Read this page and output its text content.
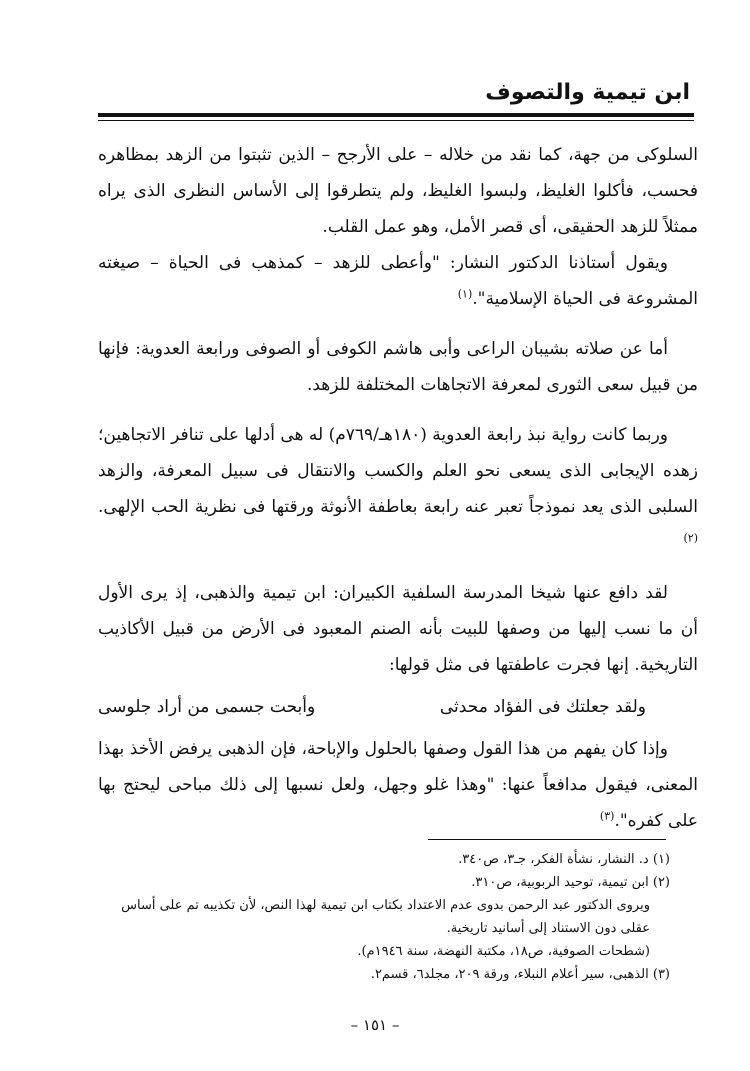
ابن تيمية والتصوف

السلوكى من جهة، كما نقد من خلاله – على الأرجح – الذين تثبتوا من الزهد بمظاهره فحسب، فأكلوا الغليظ، ولبسوا الغليظ، ولم يتطرقوا إلى الأساس النظرى الذى يراه ممثلاً للزهد الحقيقى، أى قصر الأمل، وهو عمل القلب.

ويقول أستاذنا الدكتور النشار: "وأعطى للزهد – كمذهب فى الحياة – صيغته المشروعة فى الحياة الإسلامية".$^{(١)}$

أما عن صلاته بشيبان الراعى وأبى هاشم الكوفى أو الصوفى ورابعة العدوية: فإنها من قبيل سعى الثورى لمعرفة الاتجاهات المختلفة للزهد.

وربما كانت رواية نبذ رابعة العدوية (١٨٠هـ/٧٦٩م) له هى أدلها على تنافر الاتجاهين؛ زهده الإيجابى الذى يسعى نحو العلم والكسب والانتقال فى سبيل المعرفة، والزهد السلبى الذى يعد نموذجاً تعبر عنه رابعة بعاطفة الأنوثة ورقتها فى نظرية الحب الإلهى.$^{(٢)}$

لقد دافع عنها شيخا المدرسة السلفية الكبيران: ابن تيمية والذهبى، إذ يرى الأول أن ما نسب إليها من وصفها للبيت بأنه الصنم المعبود فى الأرض من قبيل الأكاذيب التاريخية. إنها فجرت عاطفتها فى مثل قولها:

ولقد جعلتك فى الفؤاد محدثى
وأبحت جسمى من أراد جلوسى

وإذا كان يفهم من هذا القول وصفها بالحلول والإباحة، فإن الذهبى يرفض الأخذ بهذا المعنى، فيقول مدافعاً عنها: "وهذا غلو وجهل، ولعل نسبها إلى ذلك مباحى ليحتج بها على كفره".$^{(٣)}$

(١) د. النشار، نشأة الفكر، جـ٣، ص٣٤٠.

(٢) ابن تيمية، توحيد الربوبية، ص٣١٠.

ويروى الدكتور عبد الرحمن بدوى عدم الاعتداد بكتاب ابن تيمية لهذا النص، لأن تكذيبه تم على أساس عقلى دون الاستناد إلى أسانيد تاريخية.

(شطحات الصوفية، ص١٨، مكتبة النهضة، سنة ١٩٤٦م).

(٣) الذهبى، سير أعلام النبلاء، ورقة ٢٠٩، مجلد٦، قسم٢.

– ١٥١ –
